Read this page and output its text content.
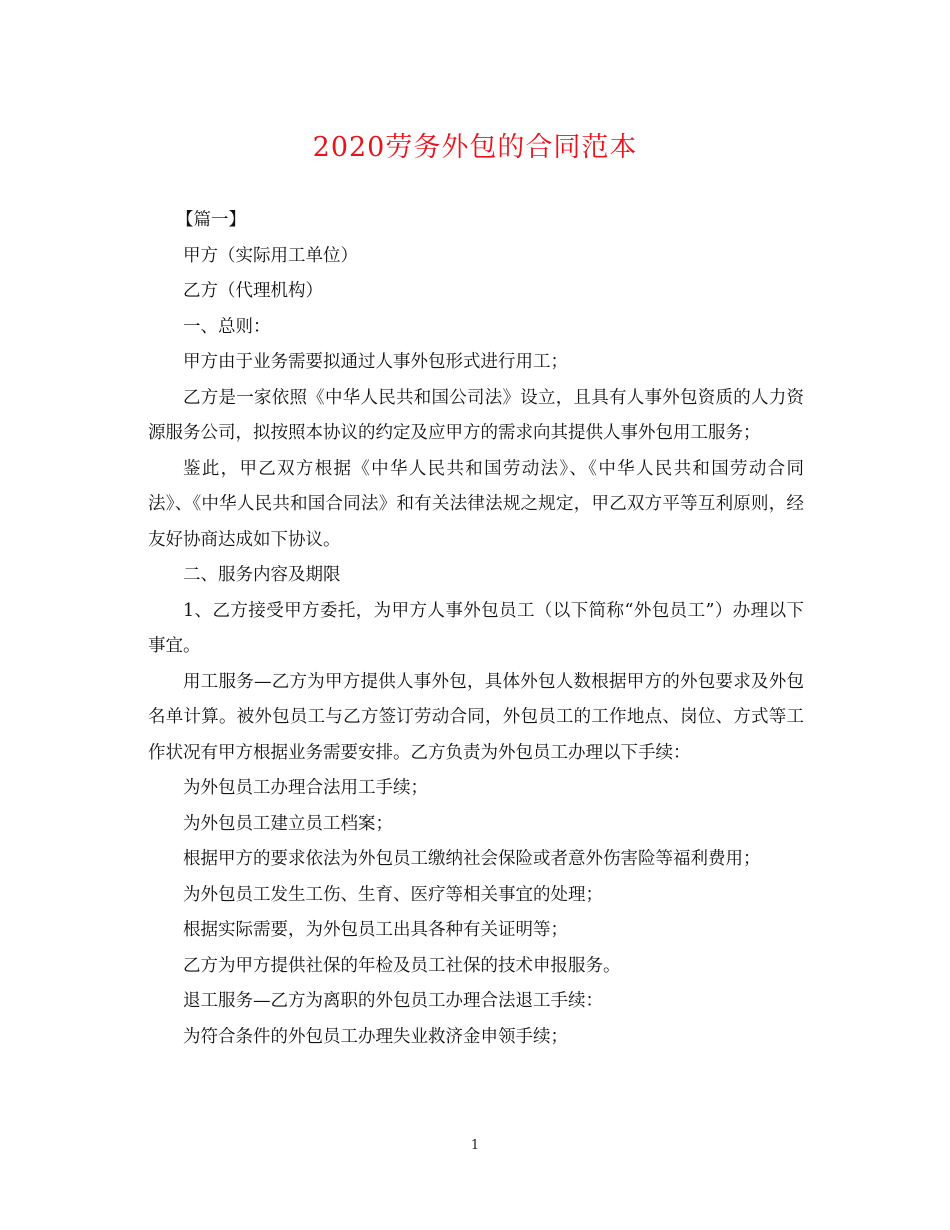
2020劳务外包的合同范本

【篇一】

甲方（实际用工单位）

乙方（代理机构）

一、总则：

甲方由于业务需要拟通过人事外包形式进行用工；

乙方是一家依照《中华人民共和国公司法》设立，且具有人事外包资质的人力资源服务公司，拟按照本协议的约定及应甲方的需求向其提供人事外包用工服务；

鉴此，甲乙双方根据《中华人民共和国劳动法》、《中华人民共和国劳动合同法》、《中华人民共和国合同法》和有关法律法规之规定，甲乙双方平等互利原则，经友好协商达成如下协议。

二、服务内容及期限

1、乙方接受甲方委托，为甲方人事外包员工（以下简称“外包员工”）办理以下事宜。

用工服务—乙方为甲方提供人事外包，具体外包人数根据甲方的外包要求及外包名单计算。被外包员工与乙方签订劳动合同，外包员工的工作地点、岗位、方式等工作状况有甲方根据业务需要安排。乙方负责为外包员工办理以下手续：

为外包员工办理合法用工手续；

为外包员工建立员工档案；

根据甲方的要求依法为外包员工缴纳社会保险或者意外伤害险等福利费用；

为外包员工发生工伤、生育、医疗等相关事宜的处理；

根据实际需要，为外包员工出具各种有关证明等；

乙方为甲方提供社保的年检及员工社保的技术申报服务。

退工服务—乙方为离职的外包员工办理合法退工手续：

为符合条件的外包员工办理失业救济金申领手续；

1
